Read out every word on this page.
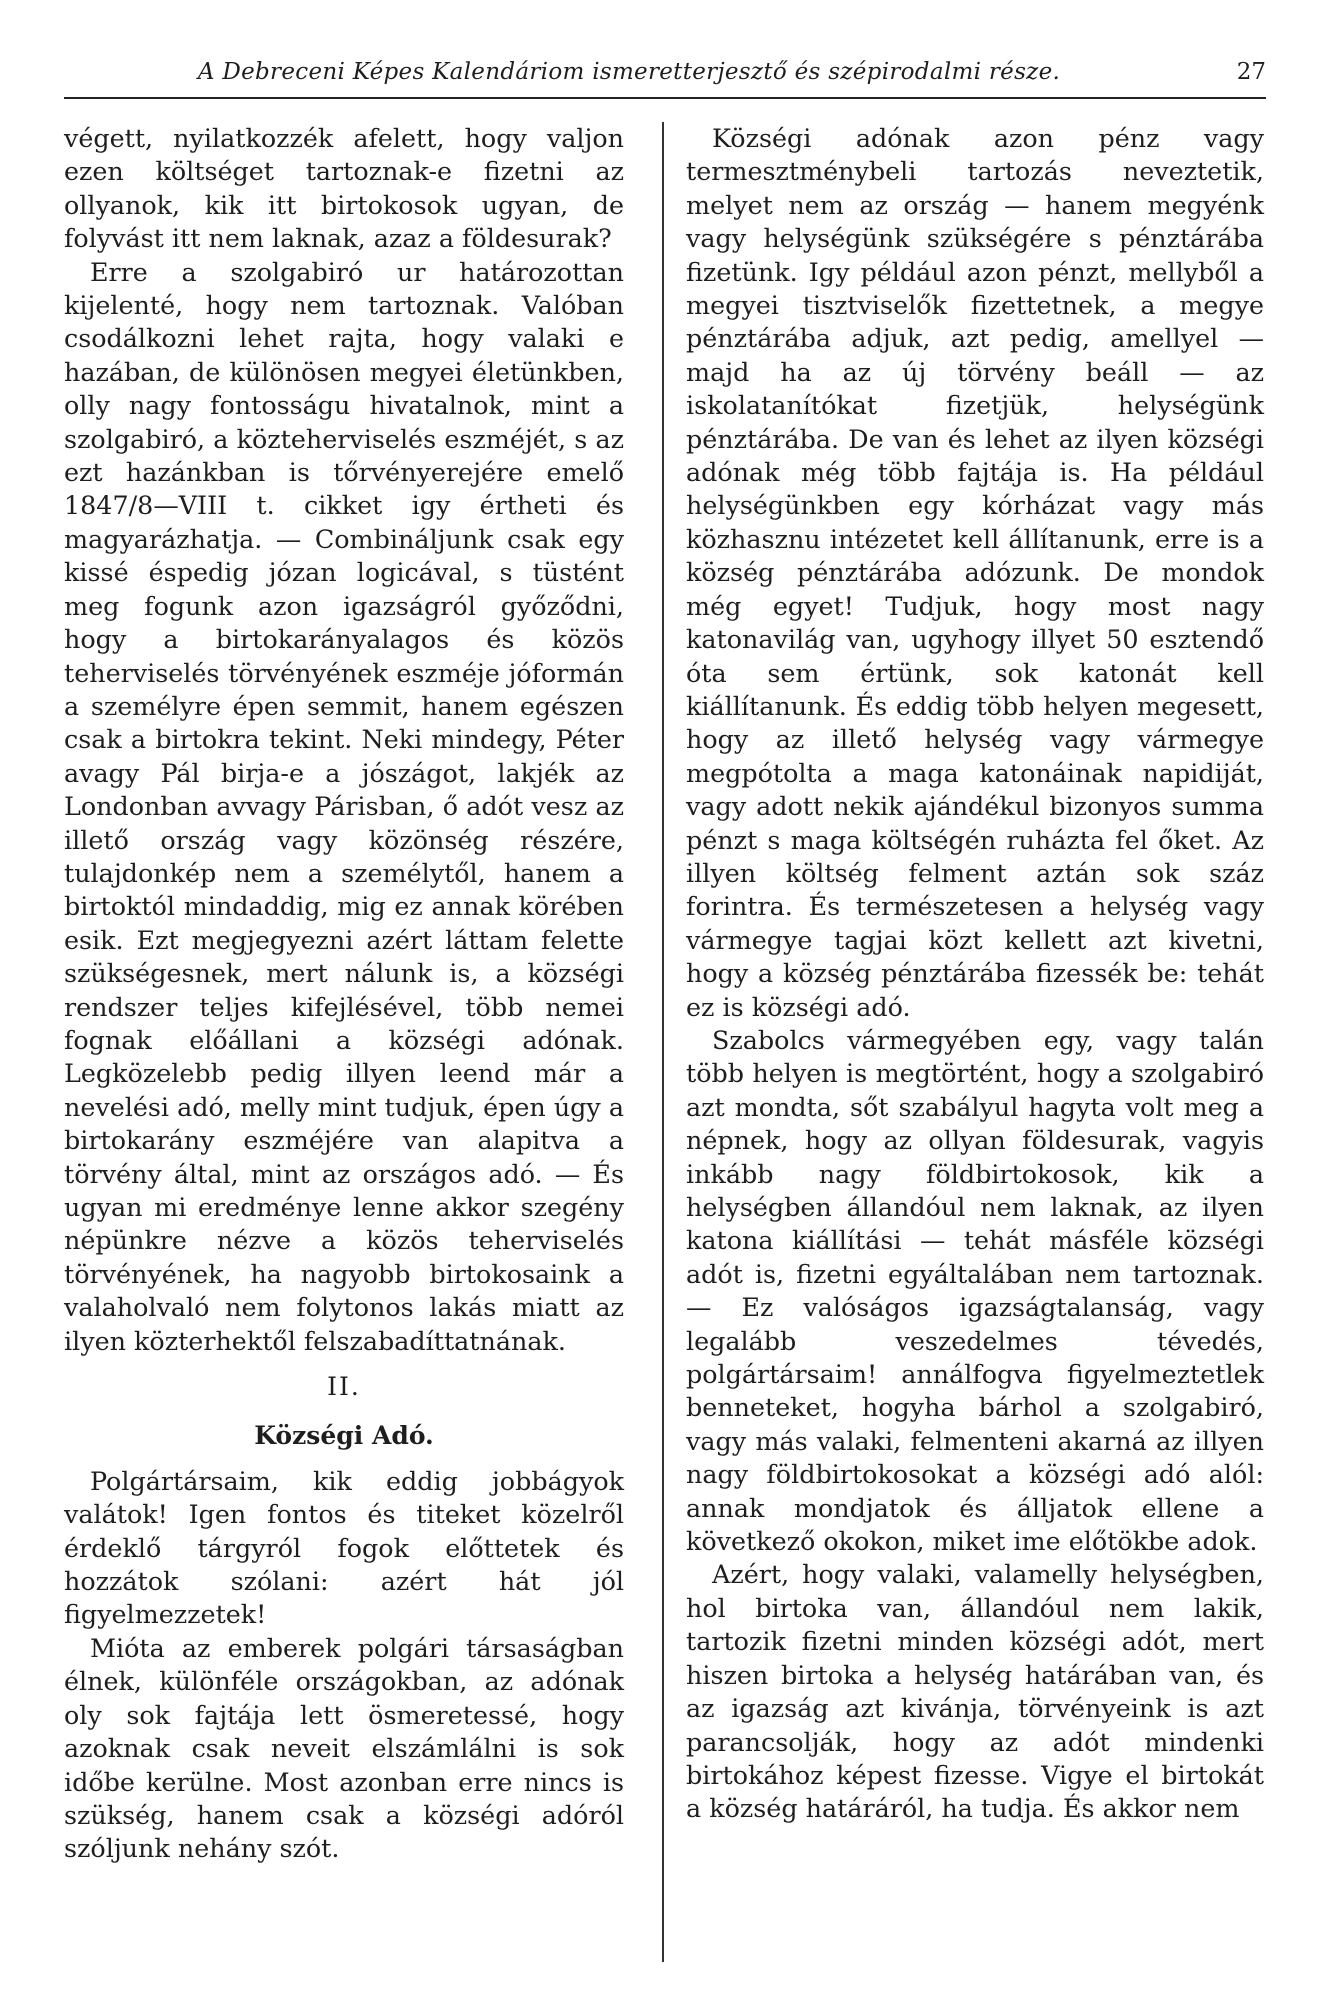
A Debreceni Képes Kalendáriom ismeretterjesztő és szépirodalmi része.	27

végett, nyilatkozzék afelett, hogy valjon ezen költséget tartoznak-e fizetni az ollyanok, kik itt birtokosok ugyan, de folyvást itt nem laknak, azaz a földesurak?

Erre a szolgabiró ur határozottan kijelenté, hogy nem tartoznak. Valóban csodálkozni lehet rajta, hogy valaki e hazában, de különösen megyei életünkben, olly nagy fontosságu hivatalnok, mint a szolgabiró, a közteherviselés eszméjét, s az ezt hazánkban is tőrvényerejére emelő 1847/8—VIII t. cikket igy értheti és magyarázhatja. — Combináljunk csak egy kissé éspedig józan logicával, s tüstént meg fogunk azon igazságról győződni, hogy a birtokarányalagos és közös teherviselés törvényének eszméje jóformán a személyre épen semmit, hanem egészen csak a birtokra tekint. Neki mindegy, Péter avagy Pál birja-e a jószágot, lakjék az Londonban avvagy Párisban, ő adót vesz az illető ország vagy közönség részére, tulajdonkép nem a személytől, hanem a birtoktól mindaddig, mig ez annak körében esik. Ezt megjegyezni azért láttam felette szükségesnek, mert nálunk is, a községi rendszer teljes kifejlésével, több nemei fognak előállani a községi adónak. Legközelebb pedig illyen leend már a nevelési adó, melly mint tudjuk, épen úgy a birtokarány eszméjére van alapitva a törvény által, mint az országos adó. — És ugyan mi eredménye lenne akkor szegény népünkre nézve a közös teherviselés törvényének, ha nagyobb birtokosaink a valaholvaló nem folytonos lakás miatt az ilyen közterhektől felszabadíttatnának.

II.

Községi Adó.

Polgártársaim, kik eddig jobbágyok valátok! Igen fontos és titeket közelről érdeklő tárgyról fogok előttetek és hozzátok szólani: azért hát jól figyelmezzetek!

Mióta az emberek polgári társaságban élnek, különféle országokban, az adónak oly sok fajtája lett ösmeretessé, hogy azoknak csak neveit elszámlálni is sok időbe kerülne. Most azonban erre nincs is szükség, hanem csak a községi adóról szóljunk nehány szót.

Községi adónak azon pénz vagy termesztménybeli tartozás neveztetik, melyet nem az ország — hanem megyénk vagy helységünk szükségére s pénztárába fizetünk. Igy például azon pénzt, mellyből a megyei tisztviselők fizettetnek, a megye pénztárába adjuk, azt pedig, amellyel — majd ha az új törvény beáll — az iskolatanítókat fizetjük, helységünk pénztárába. De van és lehet az ilyen községi adónak még több fajtája is. Ha például helységünkben egy kórházat vagy más közhasznu intézetet kell állítanunk, erre is a község pénztárába adózunk. De mondok még egyet! Tudjuk, hogy most nagy katonavilág van, ugyhogy illyet 50 esztendő óta sem értünk, sok katonát kell kiállítanunk. És eddig több helyen megesett, hogy az illető helység vagy vármegye megpótolta a maga katonáinak napidiját, vagy adott nekik ajándékul bizonyos summa pénzt s maga költségén ruházta fel őket. Az illyen költség felment aztán sok száz forintra. És természetesen a helység vagy vármegye tagjai közt kellett azt kivetni, hogy a község pénztárába fizessék be: tehát ez is községi adó.

Szabolcs vármegyében egy, vagy talán több helyen is megtörtént, hogy a szolgabiró azt mondta, sőt szabályul hagyta volt meg a népnek, hogy az ollyan földesurak, vagyis inkább nagy földbirtokosok, kik a helységben állandóul nem laknak, az ilyen katona kiállítási — tehát másféle községi adót is, fizetni egyáltalában nem tartoznak. — Ez valóságos igazságtalanság, vagy legalább veszedelmes tévedés, polgártársaim! annálfogva figyelmeztetlek benneteket, hogyha bárhol a szolgabiró, vagy más valaki, felmenteni akarná az illyen nagy földbirtokosokat a községi adó alól: annak mondjatok és álljatok ellene a következő okokon, miket ime előtökbe adok.

Azért, hogy valaki, valamelly helységben, hol birtoka van, állandóul nem lakik, tartozik fizetni minden községi adót, mert hiszen birtoka a helység határában van, és az igazság azt kivánja, törvényeink is azt parancsolják, hogy az adót mindenki birtokához képest fizesse. Vigye el birtokát a község határáról, ha tudja. És akkor nem
